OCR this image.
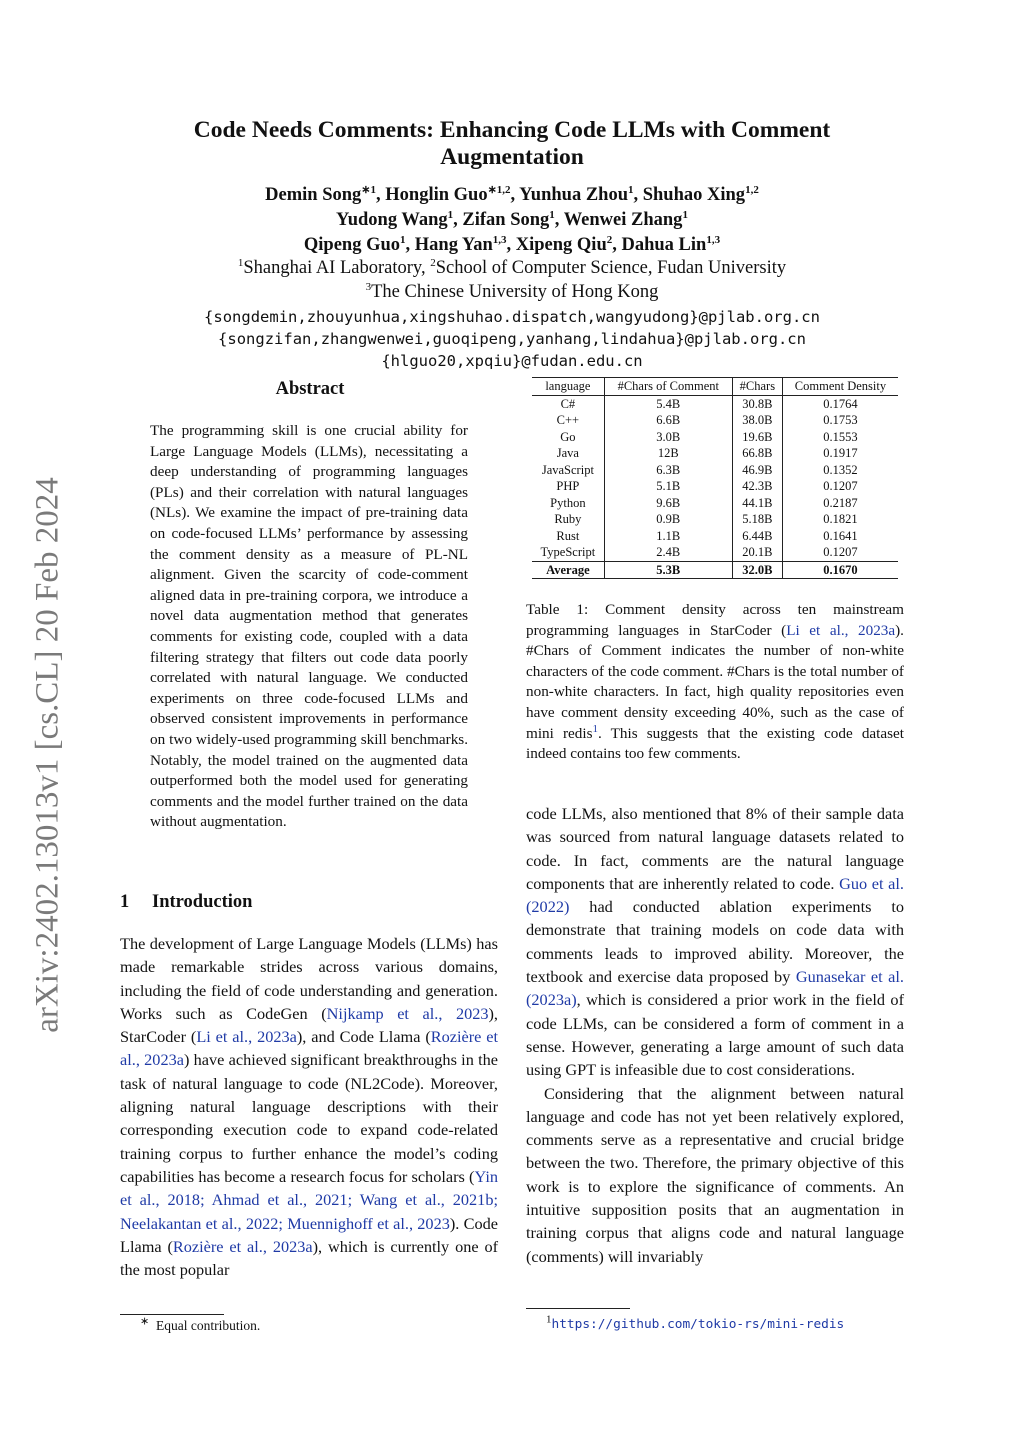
arXiv:2402.13013v1 [cs.CL] 20 Feb 2024
Code Needs Comments: Enhancing Code LLMs with Comment Augmentation
Demin Song$^{∗1}$, Honglin Guo$^{∗1,2}$, Yunhua Zhou$^1$, Shuhao Xing$^{1,2}$
Yudong Wang$^1$, Zifan Song$^1$, Wenwei Zhang$^1$
Qipeng Guo$^1$, Hang Yan$^{1,3}$, Xipeng Qiu$^2$, Dahua Lin$^{1,3}$
$^1$Shanghai AI Laboratory, $^2$School of Computer Science, Fudan University
$^3$The Chinese University of Hong Kong
{songdemin,zhouyunhua,xingshuhao.dispatch,wangyudong}@pjlab.org.cn
{songzifan,zhangwenwei,guoqipeng,yanhang,lindahua}@pjlab.org.cn
{hlguo20,xpqiu}@fudan.edu.cn
Abstract
The programming skill is one crucial ability for Large Language Models (LLMs), necessitating a deep understanding of programming languages (PLs) and their correlation with natural languages (NLs). We examine the impact of pre-training data on code-focused LLMs’ performance by assessing the comment density as a measure of PL-NL alignment. Given the scarcity of code-comment aligned data in pre-training corpora, we introduce a novel data augmentation method that generates comments for existing code, coupled with a data filtering strategy that filters out code data poorly correlated with natural language. We conducted experiments on three code-focused LLMs and observed consistent improvements in performance on two widely-used programming skill benchmarks. Notably, the model trained on the augmented data outperformed both the model used for generating comments and the model further trained on the data without augmentation.
1 Introduction

The development of Large Language Models (LLMs) has made remarkable strides across various domains, including the field of code understanding and generation. Works such as CodeGen (Nijkamp et al., 2023), StarCoder (Li et al., 2023a), and Code Llama (Rozière et al., 2023a) have achieved significant breakthroughs in the task of natural language to code (NL2Code). Moreover, aligning natural language descriptions with their corresponding execution code to expand code-related training corpus to further enhance the model’s coding capabilities has become a research focus for scholars (Yin et al., 2018; Ahmad et al., 2021; Wang et al., 2021b; Neelakantan et al., 2022; Muennighoff et al., 2023). Code Llama (Rozière et al., 2023a), which is currently one of the most popular

language	#Chars of Comment	#Chars	Comment Density
C#	5.4B	30.8B	0.1764
C++	6.6B	38.0B	0.1753
Go	3.0B	19.6B	0.1553
Java	12B	66.8B	0.1917
JavaScript	6.3B	46.9B	0.1352
PHP	5.1B	42.3B	0.1207
Python	9.6B	44.1B	0.2187
Ruby	0.9B	5.18B	0.1821
Rust	1.1B	6.44B	0.1641
TypeScript	2.4B	20.1B	0.1207
Average	5.3B	32.0B	0.1670
Table 1: Comment density across ten mainstream programming languages in StarCoder (Li et al., 2023a). #Chars of Comment indicates the number of non-white characters of the code comment. #Chars is the total number of non-white characters. In fact, high quality repositories even have comment density exceeding 40%, such as the case of mini redis$^1$. This suggests that the existing code dataset indeed contains too few comments.

code LLMs, also mentioned that 8% of their sample data was sourced from natural language datasets related to code. In fact, comments are the natural language components that are inherently related to code. Guo et al. (2022) had conducted ablation experiments to demonstrate that training models on code data with comments leads to improved ability. Moreover, the textbook and exercise data proposed by Gunasekar et al. (2023a), which is considered a prior work in the field of code LLMs, can be considered a form of comment in a sense. However, generating a large amount of such data using GPT is infeasible due to cost considerations.

Considering that the alignment between natural language and code has not yet been relatively explored, comments serve as a representative and crucial bridge between the two. Therefore, the primary objective of this work is to explore the significance of comments. An intuitive supposition posits that an augmentation in training corpus that aligns code and natural language (comments) will invariably

∗ Equal contribution.	$^1$https://github.com/tokio-rs/mini-redis
